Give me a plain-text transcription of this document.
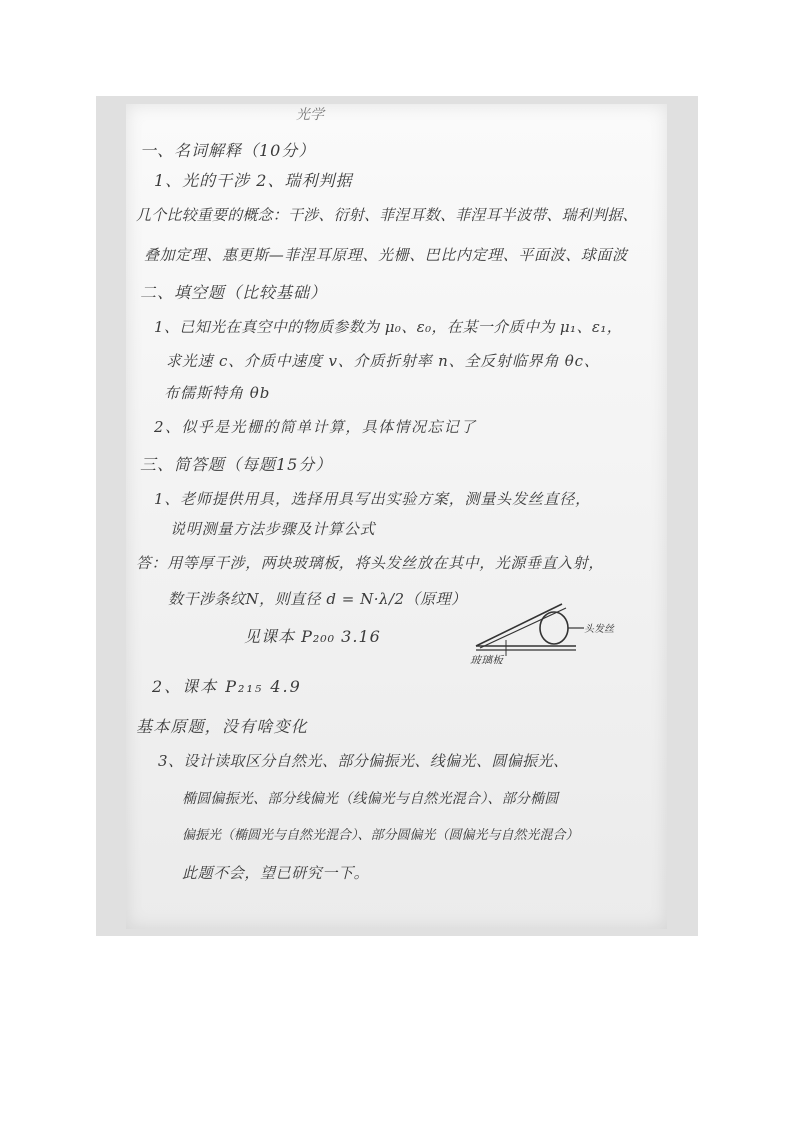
光学
一、名词解释（10分）
1、光的干涉 2、瑞利判据
几个比较重要的概念：干涉、衍射、菲涅耳数、菲涅耳半波带、瑞利判据、
叠加定理、惠更斯—菲涅耳原理、光栅、巴比内定理、平面波、球面波
二、填空题（比较基础）
1、已知光在真空中的物质参数为 μ₀、ε₀，在某一介质中为 μ₁、ε₁，
求光速 c、介质中速度 v、介质折射率 n、全反射临界角 θc、
布儒斯特角 θb
2、似乎是光栅的简单计算，具体情况忘记了
三、简答题（每题15分）
1、老师提供用具，选择用具写出实验方案，测量头发丝直径，
说明测量方法步骤及计算公式
答：用等厚干涉，两块玻璃板，将头发丝放在其中，光源垂直入射，
数干涉条纹N，则直径 d = N·λ/2（原理）
见课本 P₂₀₀ 3.16
2、课本 P₂₁₅ 4.9
基本原题，没有啥变化
3、设计读取区分自然光、部分偏振光、线偏光、圆偏振光、
椭圆偏振光、部分线偏光（线偏光与自然光混合）、部分椭圆
偏振光（椭圆光与自然光混合）、部分圆偏光（圆偏光与自然光混合）
此题不会，望已研究一下。
头发丝
玻璃板
